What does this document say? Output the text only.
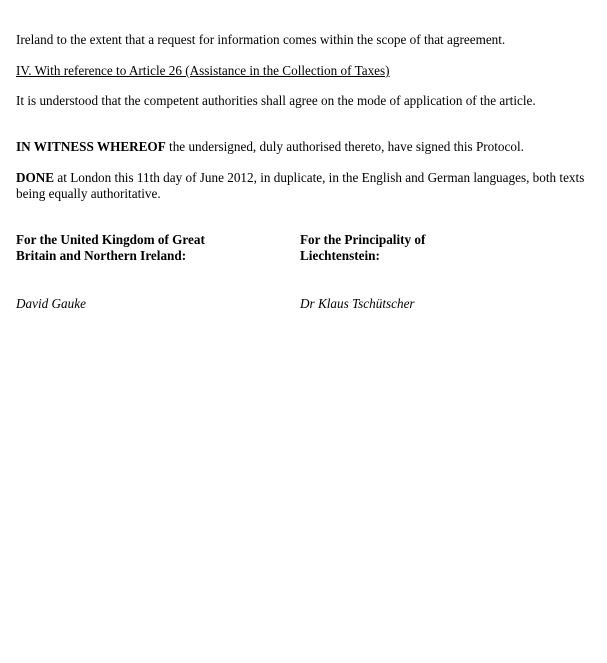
Ireland to the extent that a request for information comes within the scope of that agreement.

IV. With reference to Article 26 (Assistance in the Collection of Taxes)

It is understood that the competent authorities shall agree on the mode of application of the article.

IN WITNESS WHEREOF the undersigned, duly authorised thereto, have signed this Protocol.

DONE at London this 11th day of June 2012, in duplicate, in the English and German languages, both texts being equally authoritative.

For the United Kingdom of Great Britain and Northern Ireland:
David Gauke
For the Principality of Liechtenstein:
Dr Klaus Tschütscher
